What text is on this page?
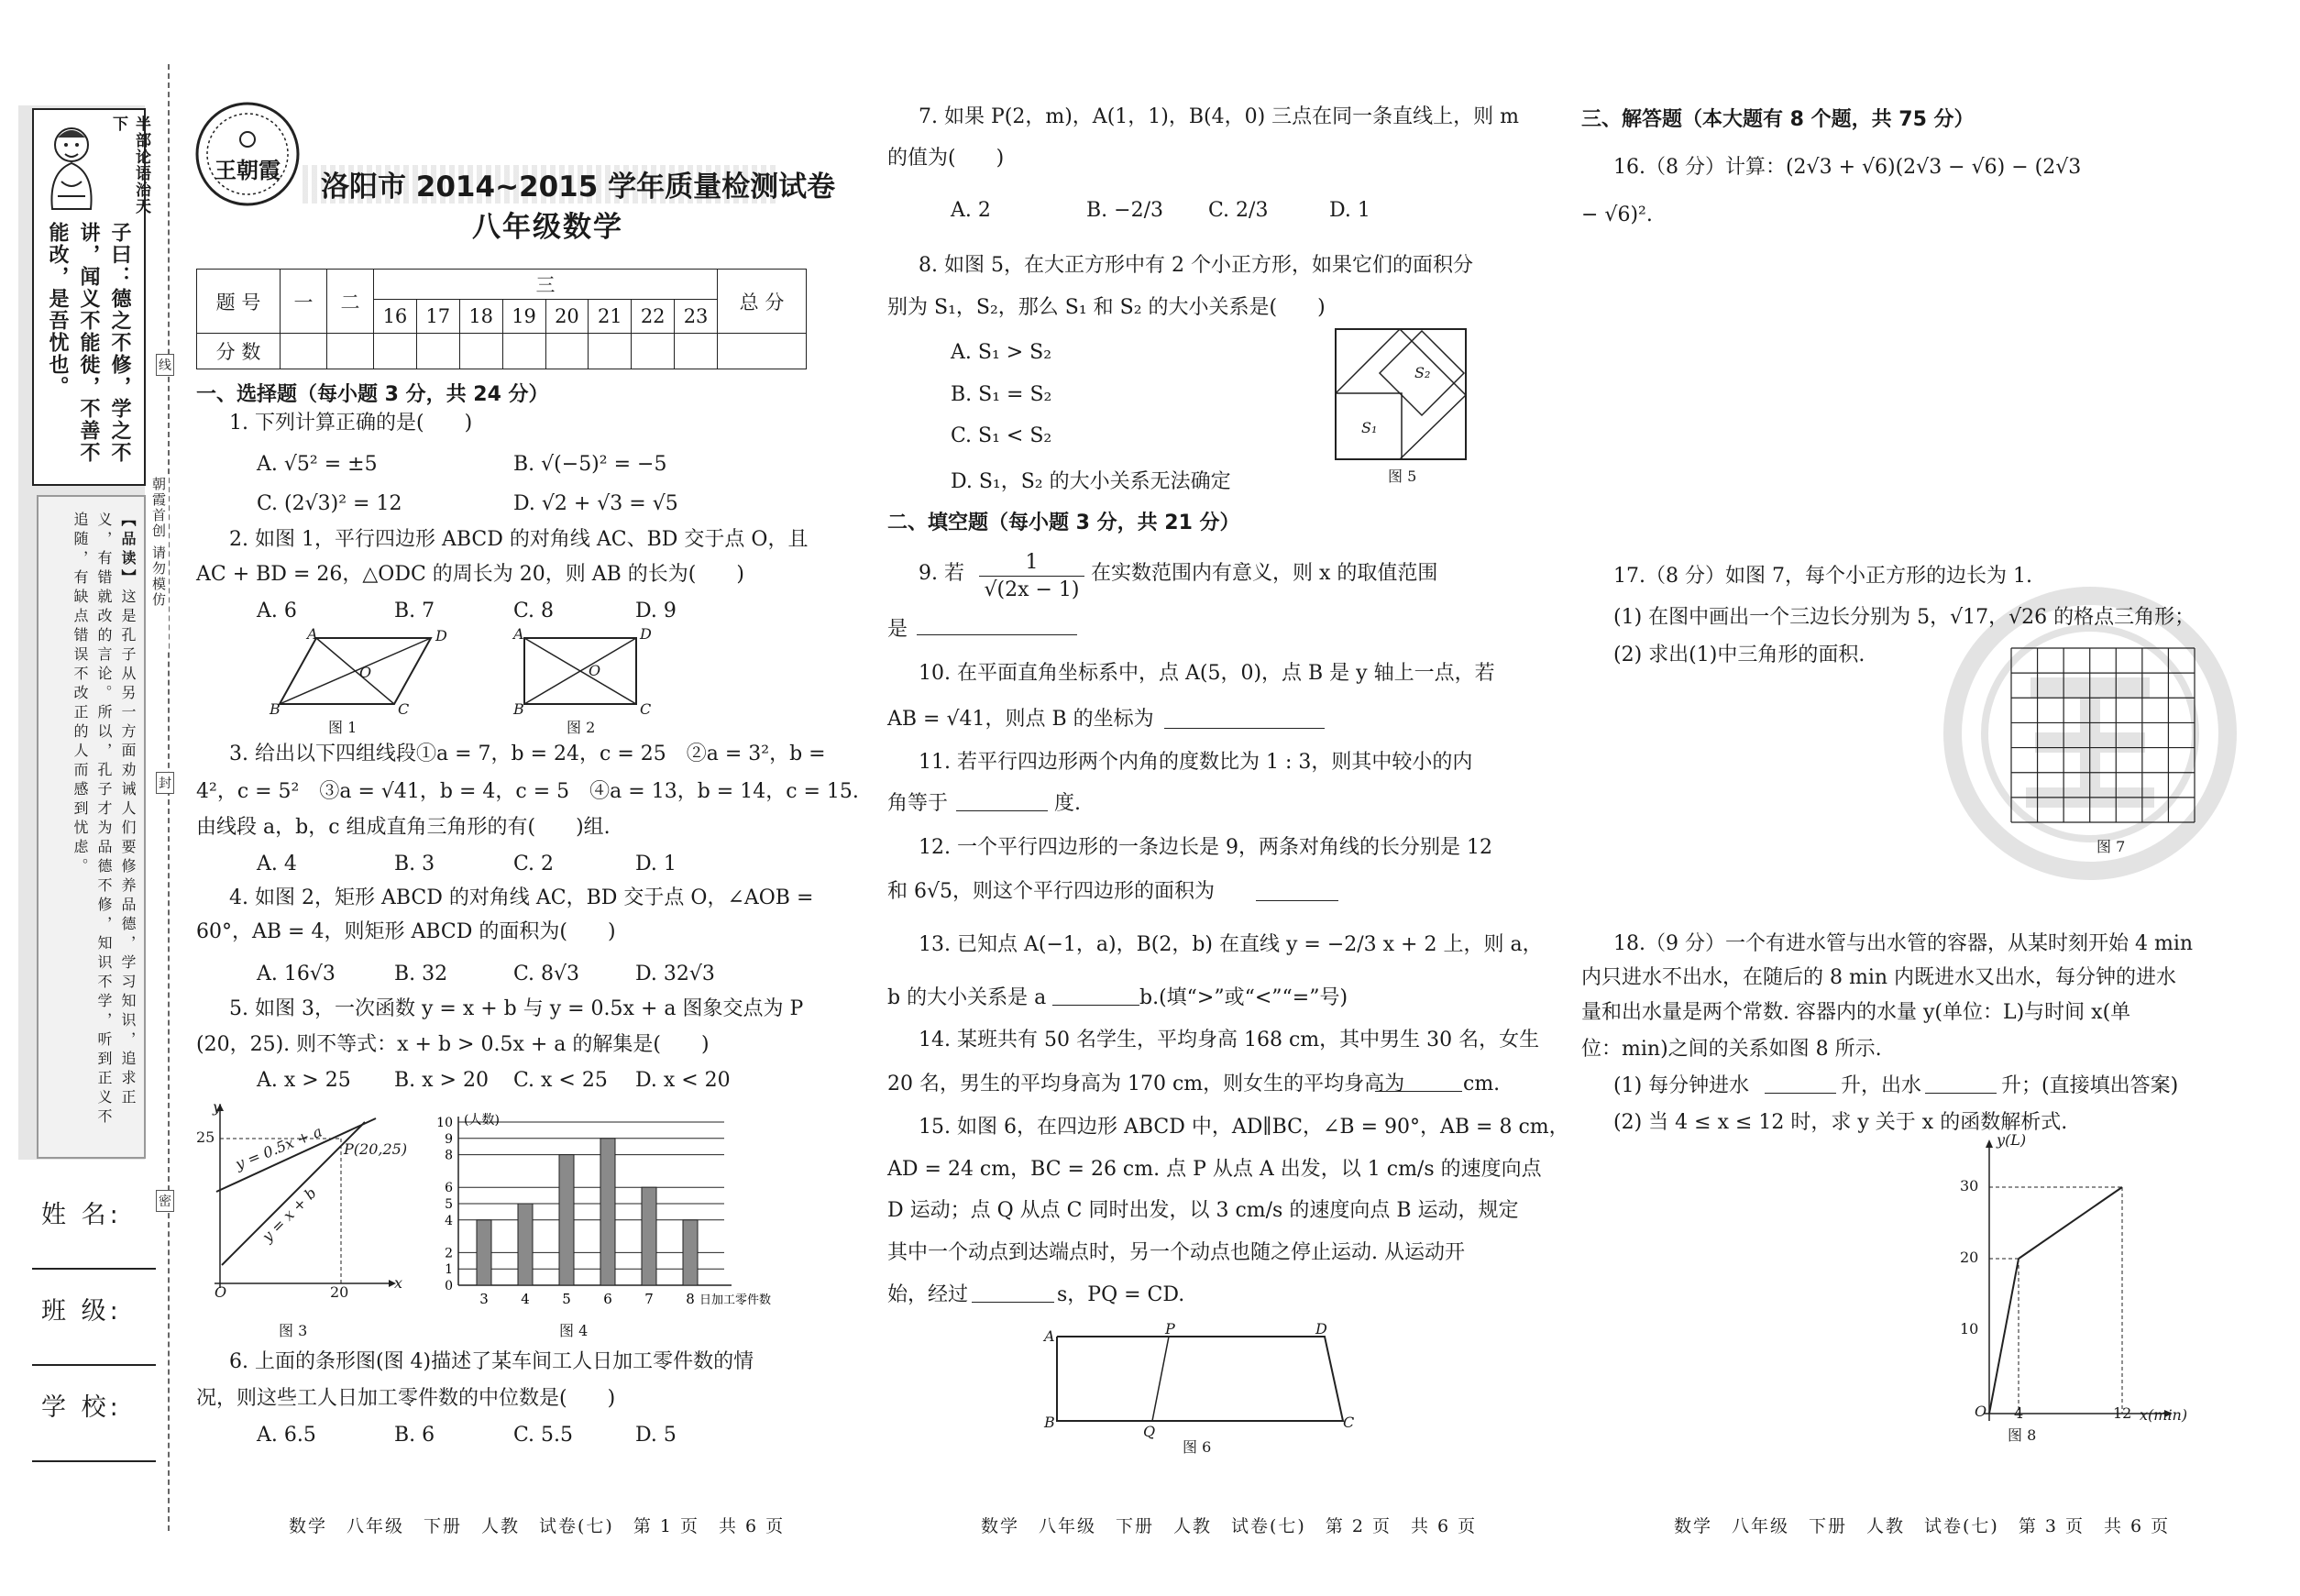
半部论语治天下
子曰：德之不修，学之不讲，闻义不能徙，不善不能改，是吾忧也。
【品读】这是孔子从另一方面劝诫人们要修养品德，学习知识，追求正义，有错就改的言论。所以，孔子才为品德不修，知识不学，听到正义不追随，有缺点错误不改正的人而感到忧虑。
姓 名:
班 级:
学 校:
朝霞首创 请勿模仿
线
封
密
王朝霞
洛阳市 2014~2015 学年质量检测试卷
八年级数学
题 号	一	二	三								总 分
			16	17	18	19	20	21	22	23	
分 数											
一、选择题（每小题 3 分，共 24 分）
1. 下列计算正确的是(　　)
A. √5² = ±5	B. √(−5)² = −5
C. (2√3)² = 12	D. √2 + √3 = √5
2. 如图 1，平行四边形 ABCD 的对角线 AC、BD 交于点 O，且
AC + BD = 26，△ODC 的周长为 20，则 AB 的长为(　　)
A. 6	B. 7	C. 8	D. 9
A	D
B	C
O
图 1
A	D
B	C
O
图 2
3. 给出以下四组线段①a = 7，b = 24，c = 25　②a = 3²，b =
4²，c = 5²　③a = √41，b = 4，c = 5　④a = 13，b = 14，c = 15.
由线段 a，b，c 组成直角三角形的有(　　)组.
A. 4	B. 3	C. 2	D. 1
4. 如图 2，矩形 ABCD 的对角线 AC，BD 交于点 O，∠AOB =
60°，AB = 4，则矩形 ABCD 的面积为(　　)
A. 16√3	B. 32	C. 8√3	D. 32√3
5. 如图 3，一次函数 y = x + b 与 y = 0.5x + a 图象交点为 P
(20，25). 则不等式：x + b > 0.5x + a 的解集是(　　)
A. x > 25 B. x > 20 C. x < 25 D. x < 20
y
x
O
25
20
P(20,25)
y = 0.5x + a
y = x + b
图 3
10
9
8
6
5
4
2
1
0
(人数)
3 4 5 6 7 8 日加工零件数
图 4
6. 上面的条形图(图 4)描述了某车间工人日加工零件数的情
况，则这些工人日加工零件数的中位数是(　　)
A. 6.5	B. 6	C. 5.5	D. 5
数学　八年级　下册　人教　试卷(七)　第 1 页　共 6 页
7. 如果 P(2，m)，A(1，1)，B(4，0) 三点在同一条直线上，则 m
的值为(　　)
A. 2	B. −2/3 C. 2/3	D. 1
8. 如图 5，在大正方形中有 2 个小正方形，如果它们的面积分
别为 S₁，S₂，那么 S₁ 和 S₂ 的大小关系是(　　)
A. S₁ > S₂
B. S₁ = S₂
C. S₁ < S₂
D. S₁，S₂ 的大小关系无法确定
S₂
S₁
图 5
二、填空题（每小题 3 分，共 21 分）
9. 若 $\frac{1}{√(2x - 1)}$ 在实数范围内有意义，则 x 的取值范围
是
10. 在平面直角坐标系中，点 A(5，0)，点 B 是 y 轴上一点，若
AB = √41，则点 B 的坐标为
11. 若平行四边形两个内角的度数比为 1 : 3，则其中较小的内
角等于	度.
12. 一个平行四边形的一条边长是 9，两条对角线的长分别是 12
和 6√5，则这个平行四边形的面积为
13. 已知点 A(−1，a)，B(2，b) 在直线 y = −2/3 x + 2 上，则 a，
b 的大小关系是 a	b.(填“>”或“<”“=”号)
14. 某班共有 50 名学生，平均身高 168 cm，其中男生 30 名，女生
20 名，男生的平均身高为 170 cm，则女生的平均身高为	cm.
15. 如图 6，在四边形 ABCD 中，AD∥BC，∠B = 90°，AB = 8 cm，
AD = 24 cm，BC = 26 cm. 点 P 从点 A 出发，以 1 cm/s 的速度向点
D 运动；点 Q 从点 C 同时出发，以 3 cm/s 的速度向点 B 运动，规定
其中一个动点到达端点时，另一个动点也随之停止运动. 从运动开
始，经过	s，PQ = CD.
A	D
P
B
Q
C
图 6
数学　八年级　下册　人教　试卷(七)　第 2 页　共 6 页
三、解答题（本大题有 8 个题，共 75 分）
16.（8 分）计算：(2√3 + √6)(2√3 − √6) − (2√3
− √6)².
17.（8 分）如图 7，每个小正方形的边长为 1.
(1) 在图中画出一个三边长分别为 5，√17，√26 的格点三角形；
(2) 求出(1)中三角形的面积.
图 7
18.（9 分）一个有进水管与出水管的容器，从某时刻开始 4 min
内只进水不出水，在随后的 8 min 内既进水又出水，每分钟的进水
量和出水量是两个常数. 容器内的水量 y(单位：L)与时间 x(单
位：min)之间的关系如图 8 所示.
(1) 每分钟进水	升，出水	升；(直接填出答案)
(2) 当 4 ≤ x ≤ 12 时，求 y 关于 x 的函数解析式.
y(L)
30
20
10
O 4	12 x(min)
图 8
数学　八年级　下册　人教　试卷(七)　第 3 页　共 6 页
